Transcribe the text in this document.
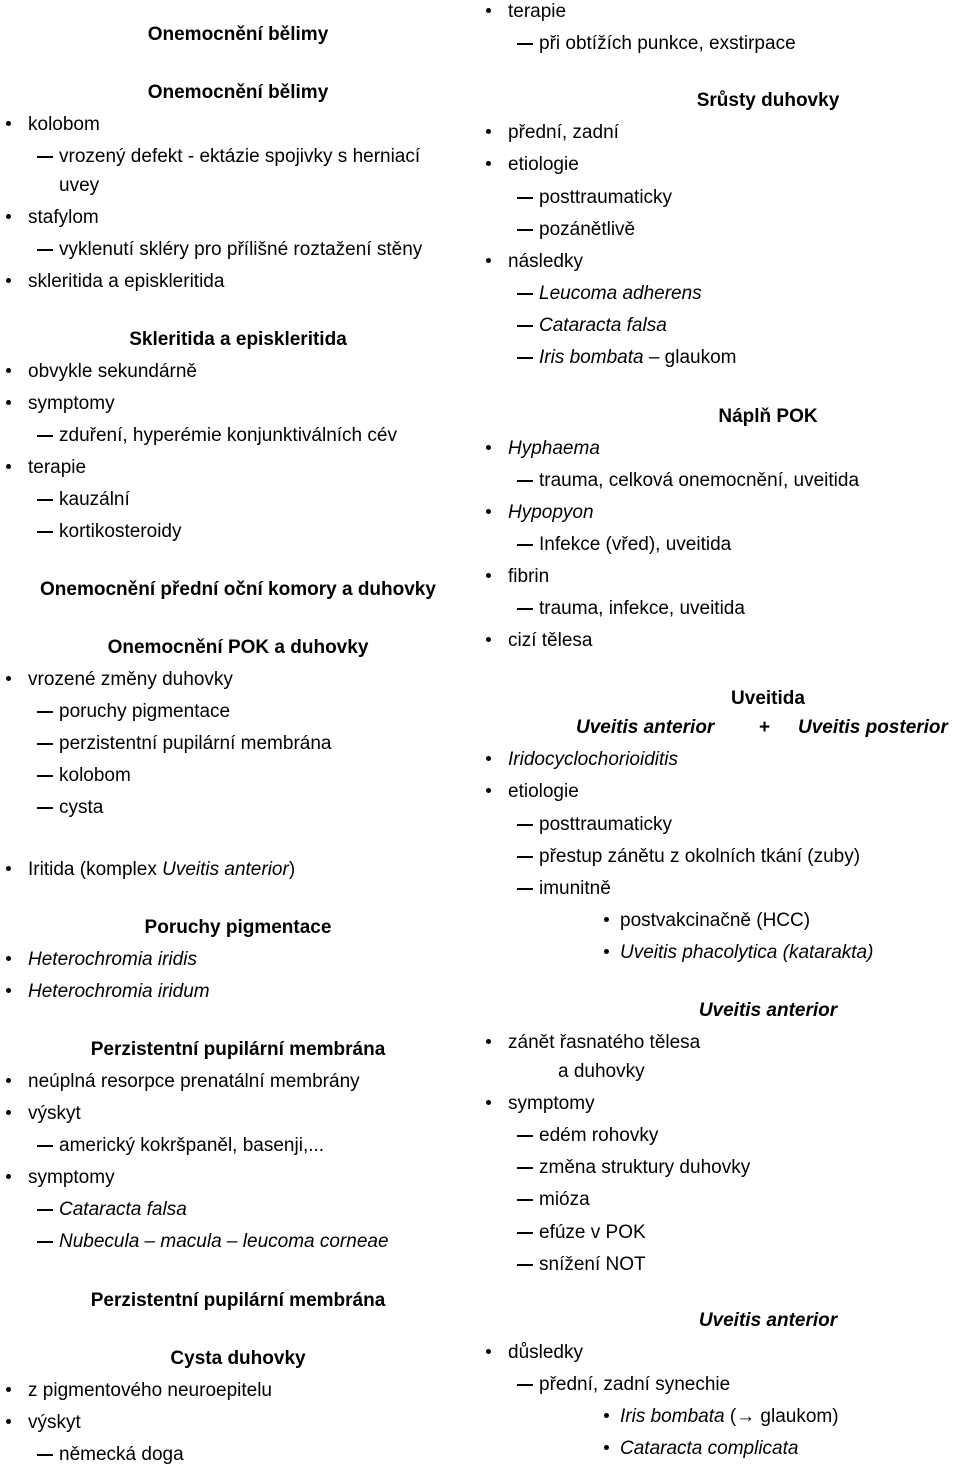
Onemocnění bělimy
Onemocnění bělimy
kolobom
vrozený defekt - ektázie spojivky s herniací
uvey
stafylom
vyklenutí skléry pro přílišné roztažení stěny
skleritida a episkleritida
Skleritida a episkleritida
obvykle sekundárně
symptomy
zduření, hyperémie konjunktiválních cév
terapie
kauzální
kortikosteroidy
Onemocnění přední oční komory a duhovky
Onemocnění POK a duhovky
vrozené změny duhovky
poruchy pigmentace
perzistentní pupilární membrána
kolobom
cysta
Iritida (komplex Uveitis anterior)
Poruchy pigmentace
Heterochromia iridis
Heterochromia iridum
Perzistentní pupilární membrána
neúplná resorpce prenatální membrány
výskyt
americký kokršpaněl, basenji,...
symptomy
Cataracta falsa
Nubecula – macula – leucoma corneae
Perzistentní pupilární membrána
Cysta duhovky
z pigmentového neuroepitelu
výskyt
německá doga
terapie
při obtížích punkce, exstirpace
Srůsty duhovky
přední, zadní
etiologie
posttraumaticky
pozánětlivě
následky
Leucoma adherens
Cataracta falsa
Iris bombata – glaukom
Náplň POK
Hyphaema
trauma, celková onemocnění, uveitida
Hypopyon
Infekce (vřed), uveitida
fibrin
trauma, infekce, uveitida
cizí tělesa
Uveitida
Uveitis anterior + Uveitis posterior
Iridocyclochorioiditis
etiologie
posttraumaticky
přestup zánětu z okolních tkání (zuby)
imunitně
postvakcinačně (HCC)
Uveitis phacolytica (katarakta)
Uveitis anterior
zánět řasnatého tělesa
a duhovky
symptomy
edém rohovky
změna struktury duhovky
mióza
efúze v POK
snížení NOT
Uveitis anterior
důsledky
přední, zadní synechie
Iris bombata (→ glaukom)
Cataracta complicata
